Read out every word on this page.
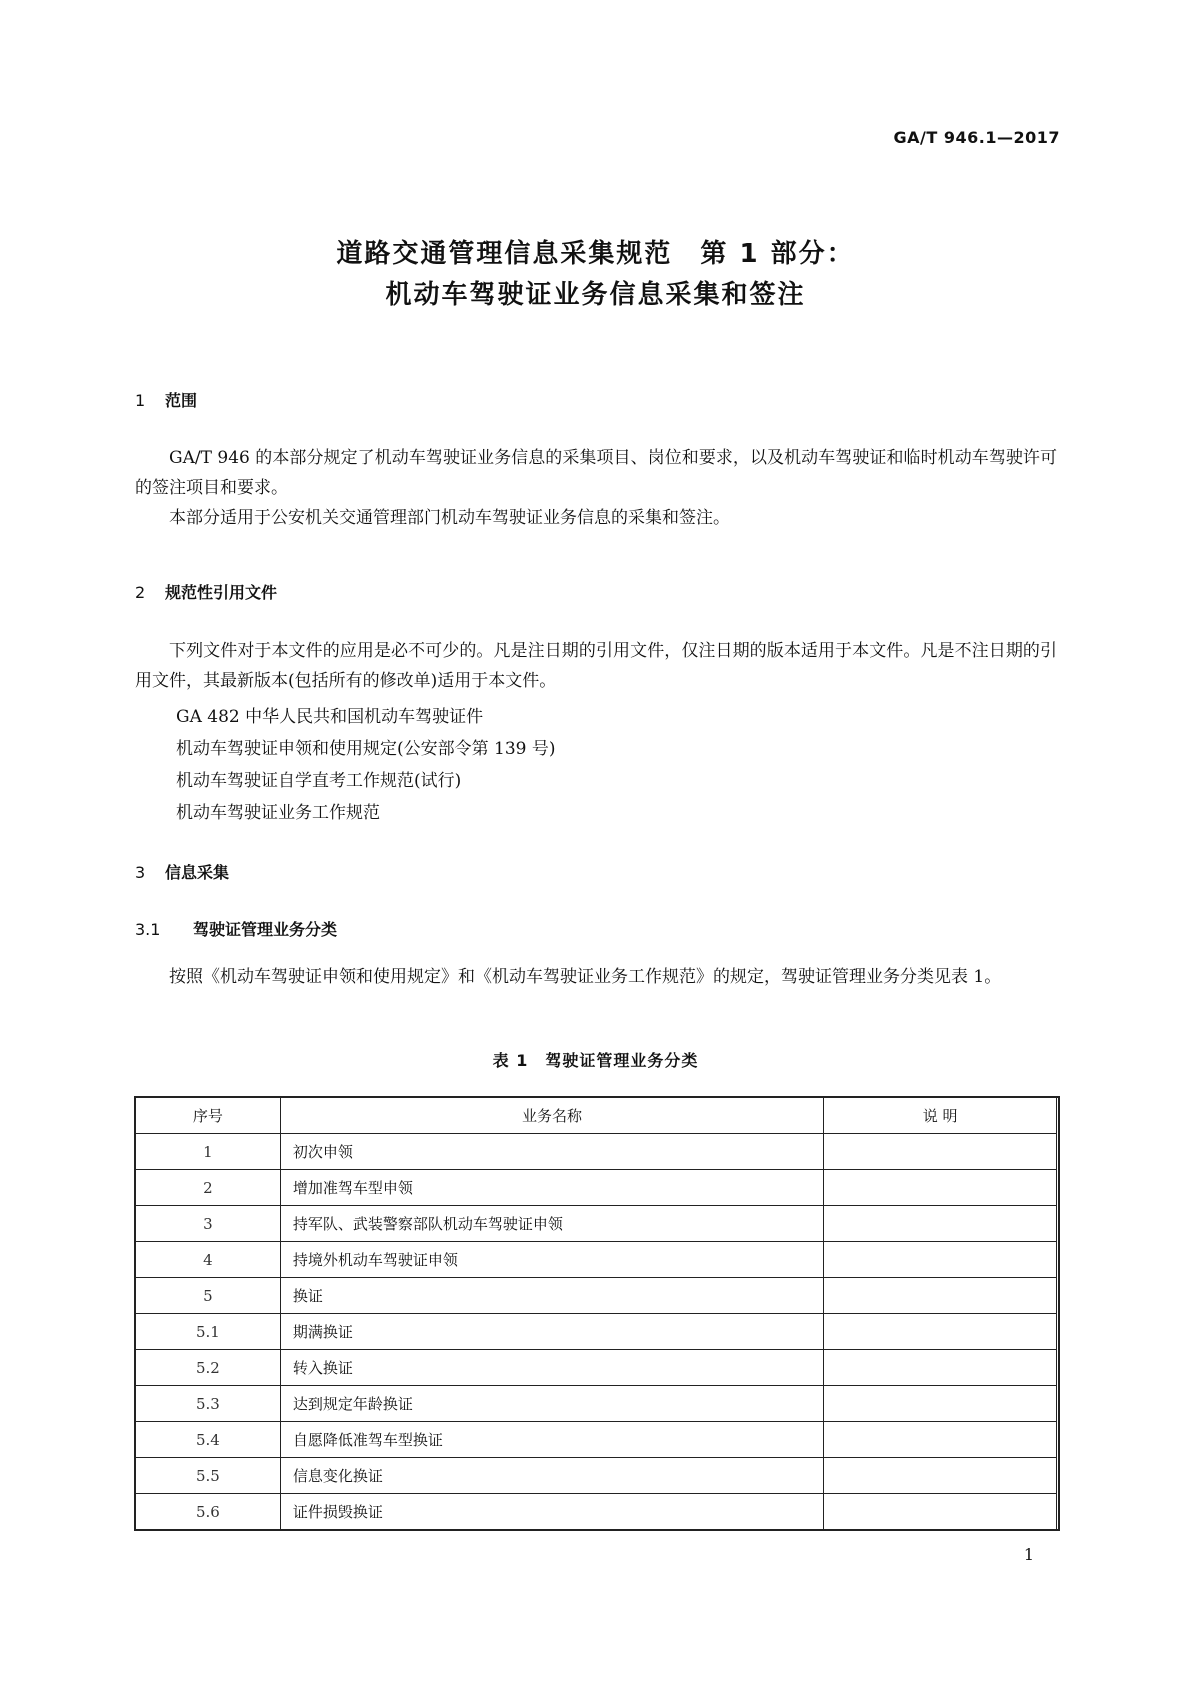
GA/T 946.1—2017
道路交通管理信息采集规范　第 1 部分：
机动车驾驶证业务信息采集和签注
1 范围
GA/T 946 的本部分规定了机动车驾驶证业务信息的采集项目、岗位和要求，以及机动车驾驶证和临时机动车驾驶许可的签注项目和要求。
本部分适用于公安机关交通管理部门机动车驾驶证业务信息的采集和签注。
2 规范性引用文件
下列文件对于本文件的应用是必不可少的。凡是注日期的引用文件，仅注日期的版本适用于本文件。凡是不注日期的引用文件，其最新版本(包括所有的修改单)适用于本文件。
GA 482 中华人民共和国机动车驾驶证件
机动车驾驶证申领和使用规定(公安部令第 139 号)
机动车驾驶证自学直考工作规范(试行)
机动车驾驶证业务工作规范
3 信息采集
3.1 驾驶证管理业务分类
按照《机动车驾驶证申领和使用规定》和《机动车驾驶证业务工作规范》的规定，驾驶证管理业务分类见表 1。
表 1　驾驶证管理业务分类
序号	业务名称	说 明
1	初次申领	
2	增加准驾车型申领	
3	持军队、武装警察部队机动车驾驶证申领	
4	持境外机动车驾驶证申领	
5	换证	
5.1	期满换证	
5.2	转入换证	
5.3	达到规定年龄换证	
5.4	自愿降低准驾车型换证	
5.5	信息变化换证	
5.6	证件损毁换证	
1
